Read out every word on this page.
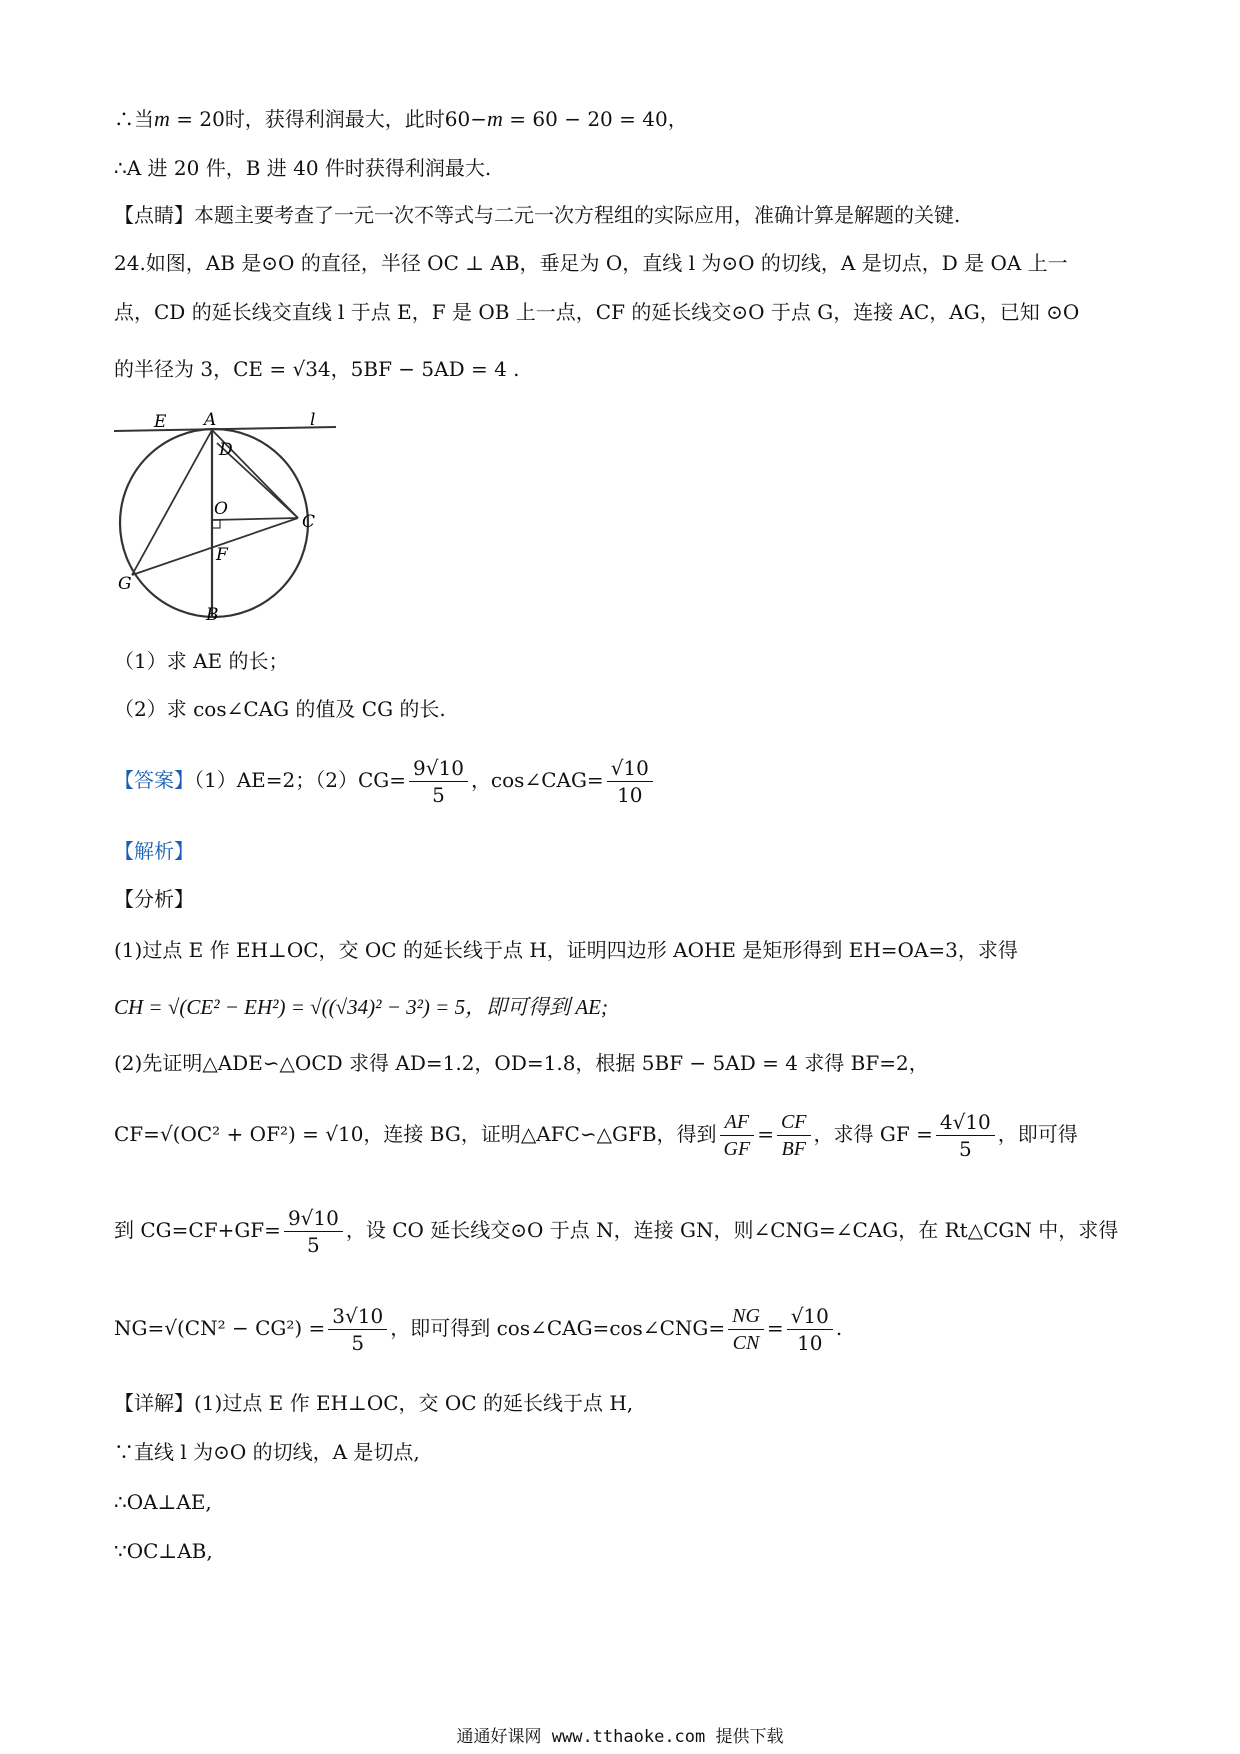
∴当m = 20时，获得利润最大，此时60−m = 60 − 20 = 40，
∴A 进 20 件，B 进 40 件时获得利润最大.
【点睛】本题主要考查了一元一次不等式与二元一次方程组的实际应用，准确计算是解题的关键.
24.如图，AB 是⊙O 的直径，半径 OC ⊥ AB，垂足为 O，直线 l 为⊙O 的切线，A 是切点，D 是 OA 上一
点，CD 的延长线交直线 l 于点 E，F 是 OB 上一点，CF 的延长线交⊙O 于点 G，连接 AC，AG，已知 ⊙O
的半径为 3，CE = √34，5BF − 5AD = 4 .
E A	l
D
O
C
F
G
B
（1）求 AE 的长；
（2）求 cos∠CAG 的值及 CG 的长.
【答案】（1）AE=2；$(2)CG= \frac{9√10}{5}$ ，cos∠CAG= $\frac{√10}{10}$
【解析】
【分析】
(1)过点 E 作 EH⊥OC，交 OC 的延长线于点 H，证明四边形 AOHE 是矩形得到 EH=OA=3，求得
CH = √(CE² − EH²) = √((√34)² − 3²) = 5，即可得到 AE;
(2)先证明△ADE∽△OCD 求得 AD=1.2，OD=1.8，根据 5BF − 5AD = 4 求得 BF=2，
CF=√(OC² + OF²) = √10，连接 BG，证明△AFC∽△GFB，得到 $\frac{AF}{GF} = \frac{CF}{BF}$ ，求得 GF = $\frac{4√10}{5}$ ，即可得
到 $CG=CF+GF= \frac{9√10}{5}$ ，设 CO 延长线交⊙O 于点 N，连接 GN，则∠CNG=∠CAG，在 Rt△CGN 中，求得
$NG=√(CN^2 - CG^2) = \frac{3√10}{5}$ ，即可得到 cos∠CAG=cos∠CNG= $\frac{NG}{CN} = \frac{√10}{10}$ .
【详解】(1)过点 E 作 EH⊥OC，交 OC 的延长线于点 H,
∵直线 l 为⊙O 的切线，A 是切点,
∴OA⊥AE,
∵OC⊥AB,
通通好课网 www.tthaoke.com 提供下载
